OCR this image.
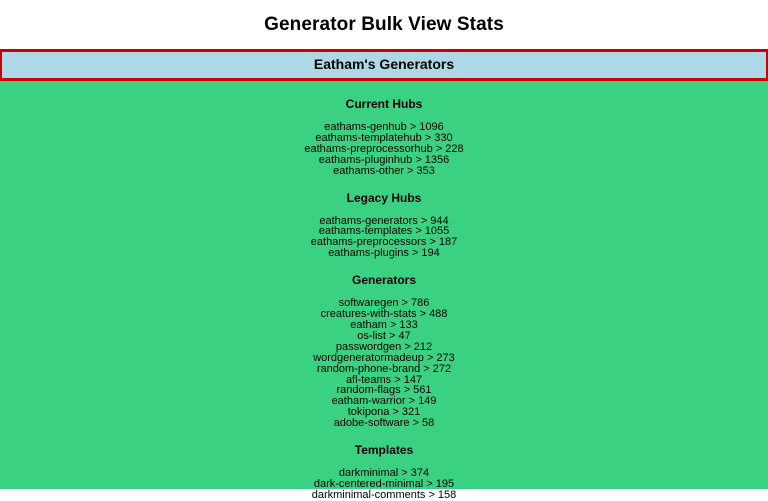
Generator Bulk View Stats
Eatham's Generators
Current Hubs
eathams-genhub > 1096
eathams-templatehub > 330
eathams-preprocessorhub > 228
eathams-pluginhub > 1356
eathams-other > 353
Legacy Hubs
eathams-generators > 944
eathams-templates > 1055
eathams-preprocessors > 187
eathams-plugins > 194
Generators
softwaregen > 786
creatures-with-stats > 488
eatham > 133
os-list > 47
passwordgen > 212
wordgeneratormadeup > 273
random-phone-brand > 272
afl-teams > 147
random-flags > 561
eatham-warrior > 149
tokipona > 321
adobe-software > 58
Templates
darkminimal > 374
dark-centered-minimal > 195
darkminimal-comments > 158
